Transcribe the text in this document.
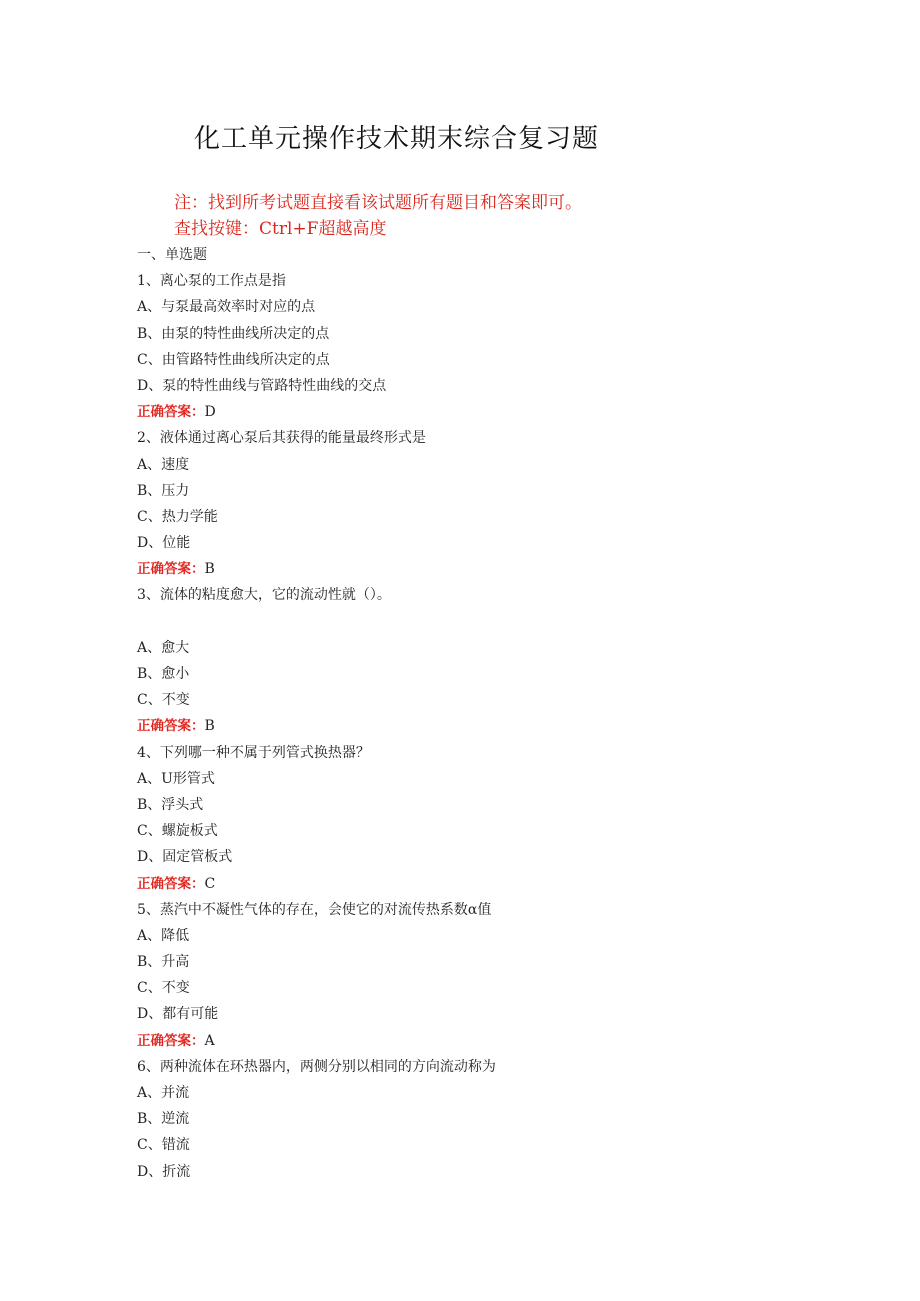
化工单元操作技术期末综合复习题
注：找到所考试题直接看该试题所有题目和答案即可。
查找按键：Ctrl+F超越高度
一、单选题
1、离心泵的工作点是指
A、与泵最高效率时对应的点
B、由泵的特性曲线所决定的点
C、由管路特性曲线所决定的点
D、泵的特性曲线与管路特性曲线的交点
正确答案：D
2、液体通过离心泵后其获得的能量最终形式是
A、速度
B、压力
C、热力学能
D、位能
正确答案：B
3、流体的粘度愈大，它的流动性就（）。
A、愈大
B、愈小
C、不变
正确答案：B
4、下列哪一种不属于列管式换热器？
A、U形管式
B、浮头式
C、螺旋板式
D、固定管板式
正确答案：C
5、蒸汽中不凝性气体的存在，会使它的对流传热系数α值
A、降低
B、升高
C、不变
D、都有可能
正确答案：A
6、两种流体在环热器内，两侧分别以相同的方向流动称为
A、并流
B、逆流
C、错流
D、折流
